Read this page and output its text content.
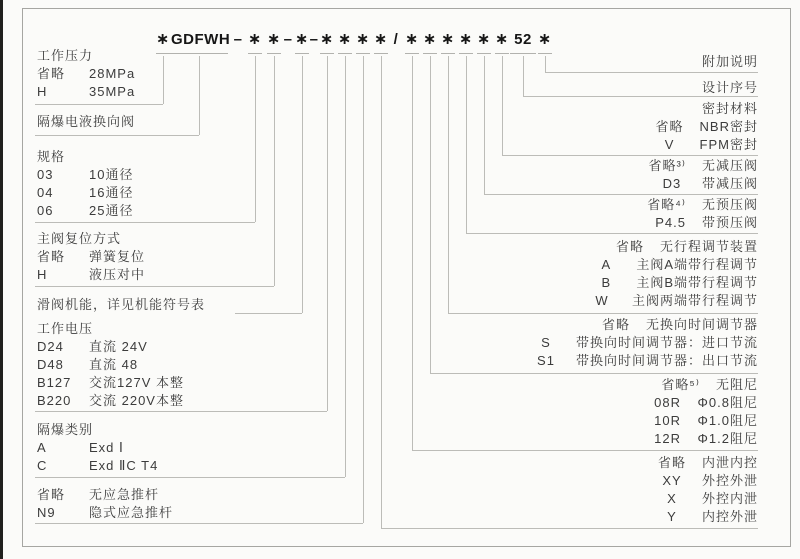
∗ GDFWH – ∗ ∗ – ∗ – ∗ ∗ ∗ ∗ / ∗ ∗ ∗ ∗ ∗ ∗ 52 ∗
工作压力
省略	28MPa
H	35MPa
隔爆电液换向阀
规格
03	10通径
04	16通径
06	25通径
主阀复位方式
省略	弹簧复位
H	液压对中
滑阀机能，详见机能符号表
工作电压
D24	直流 24V
D48	直流 48
B127	交流127V 本整
B220	交流 220V本整
隔爆类别
A	Exd Ⅰ
C	Exd ⅡC T4
省略	无应急推杆
N9	隐式应急推杆
附加说明
设计序号
密封材料
省略 NBR密封
V	FPM密封
省略³⁾ 无减压阀
D3	带减压阀
省略⁴⁾ 无预压阀
P4.5 带预压阀
省略 无行程调节装置
A	主阀A端带行程调节
B	主阀B端带行程调节
W	主阀两端带行程调节
省略 无换向时间调节器
S	带换向时间调节器：进口节流
S1	带换向时间调节器：出口节流
省略⁵⁾ 无阻尼
08R Φ0.8阻尼
10R Φ1.0阻尼
12R Φ1.2阻尼
省略 内泄内控
XY	外控外泄
X	外控内泄
Y	内控外泄
